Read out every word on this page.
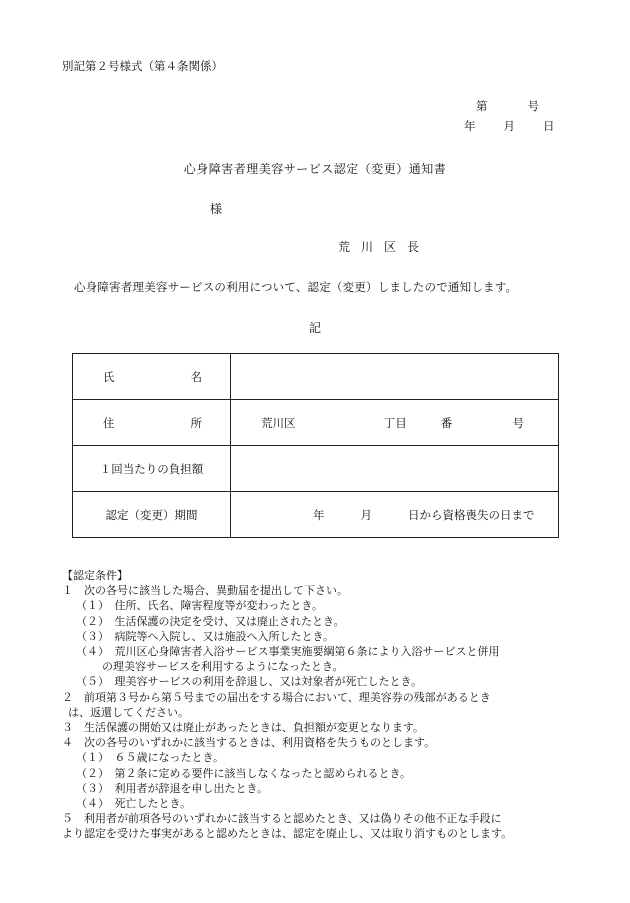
別記第２号様式（第４条関係）
第	号
年 月 日
心身障害者理美容サービス認定（変更）通知書
様
荒川区長
心身障害者理美容サービスの利用について、認定（変更）しましたので通知します。
記
氏 名	

住 所	荒川区 丁目 番 号

１回当たりの負担額	
認定（変更）期間	年 月 日から資格喪失の日まで
【認定条件】
１　次の各号に該当した場合、異動届を提出して下さい。
（１）　住所、氏名、障害程度等が変わったとき。
（２）　生活保護の決定を受け、又は廃止されたとき。
（３）　病院等へ入院し、又は施設へ入所したとき。
（４）　荒川区心身障害者入浴サービス事業実施要綱第６条により入浴サービスと併用
の理美容サービスを利用するようになったとき。
（５）　理美容サービスの利用を辞退し、又は対象者が死亡したとき。
２　前項第３号から第５号までの届出をする場合において、理美容券の残部があるとき
は、返還してください。
３　生活保護の開始又は廃止があったときは、負担額が変更となります。
４　次の各号のいずれかに該当するときは、利用資格を失うものとします。
（１）　６５歳になったとき。
（２）　第２条に定める要件に該当しなくなったと認められるとき。
（３）　利用者が辞退を申し出たとき。
（４）　死亡したとき。
５　利用者が前項各号のいずれかに該当すると認めたとき、又は偽りその他不正な手段に
より認定を受けた事実があると認めたときは、認定を廃止し、又は取り消すものとします。
